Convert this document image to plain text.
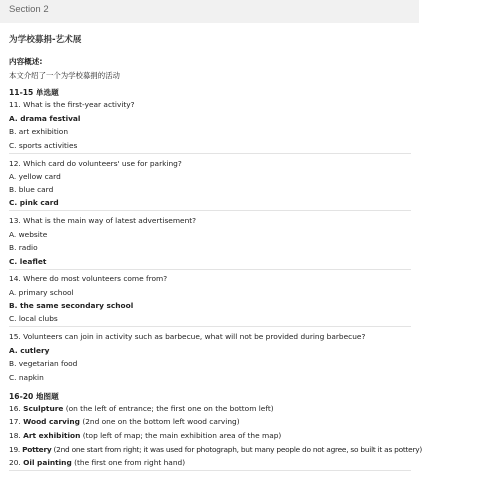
Section 2
为学校募捐-艺术展
内容概述:
本文介绍了一个为学校募捐的活动
11-15 单选题
11. What is the first-year activity?
A. drama festival
B. art exhibition
C. sports activities
12. Which card do volunteers' use for parking?
A. yellow card
B. blue card
C. pink card
13. What is the main way of latest advertisement?
A. website
B. radio
C. leaflet
14. Where do most volunteers come from?
A. primary school
B. the same secondary school
C. local clubs
15. Volunteers can join in activity such as barbecue, what will not be provided during barbecue?
A. cutlery
B. vegetarian food
C. napkin
16-20 地图题
16. Sculpture (on the left of entrance; the first one on the bottom left)
17. Wood carving (2nd one on the bottom left wood carving)
18. Art exhibition (top left of map; the main exhibition area of the map)
19. Pottery (2nd one start from right; it was used for photograph, but many people do not agree, so built it as pottery)
20. Oil painting (the first one from right hand)
